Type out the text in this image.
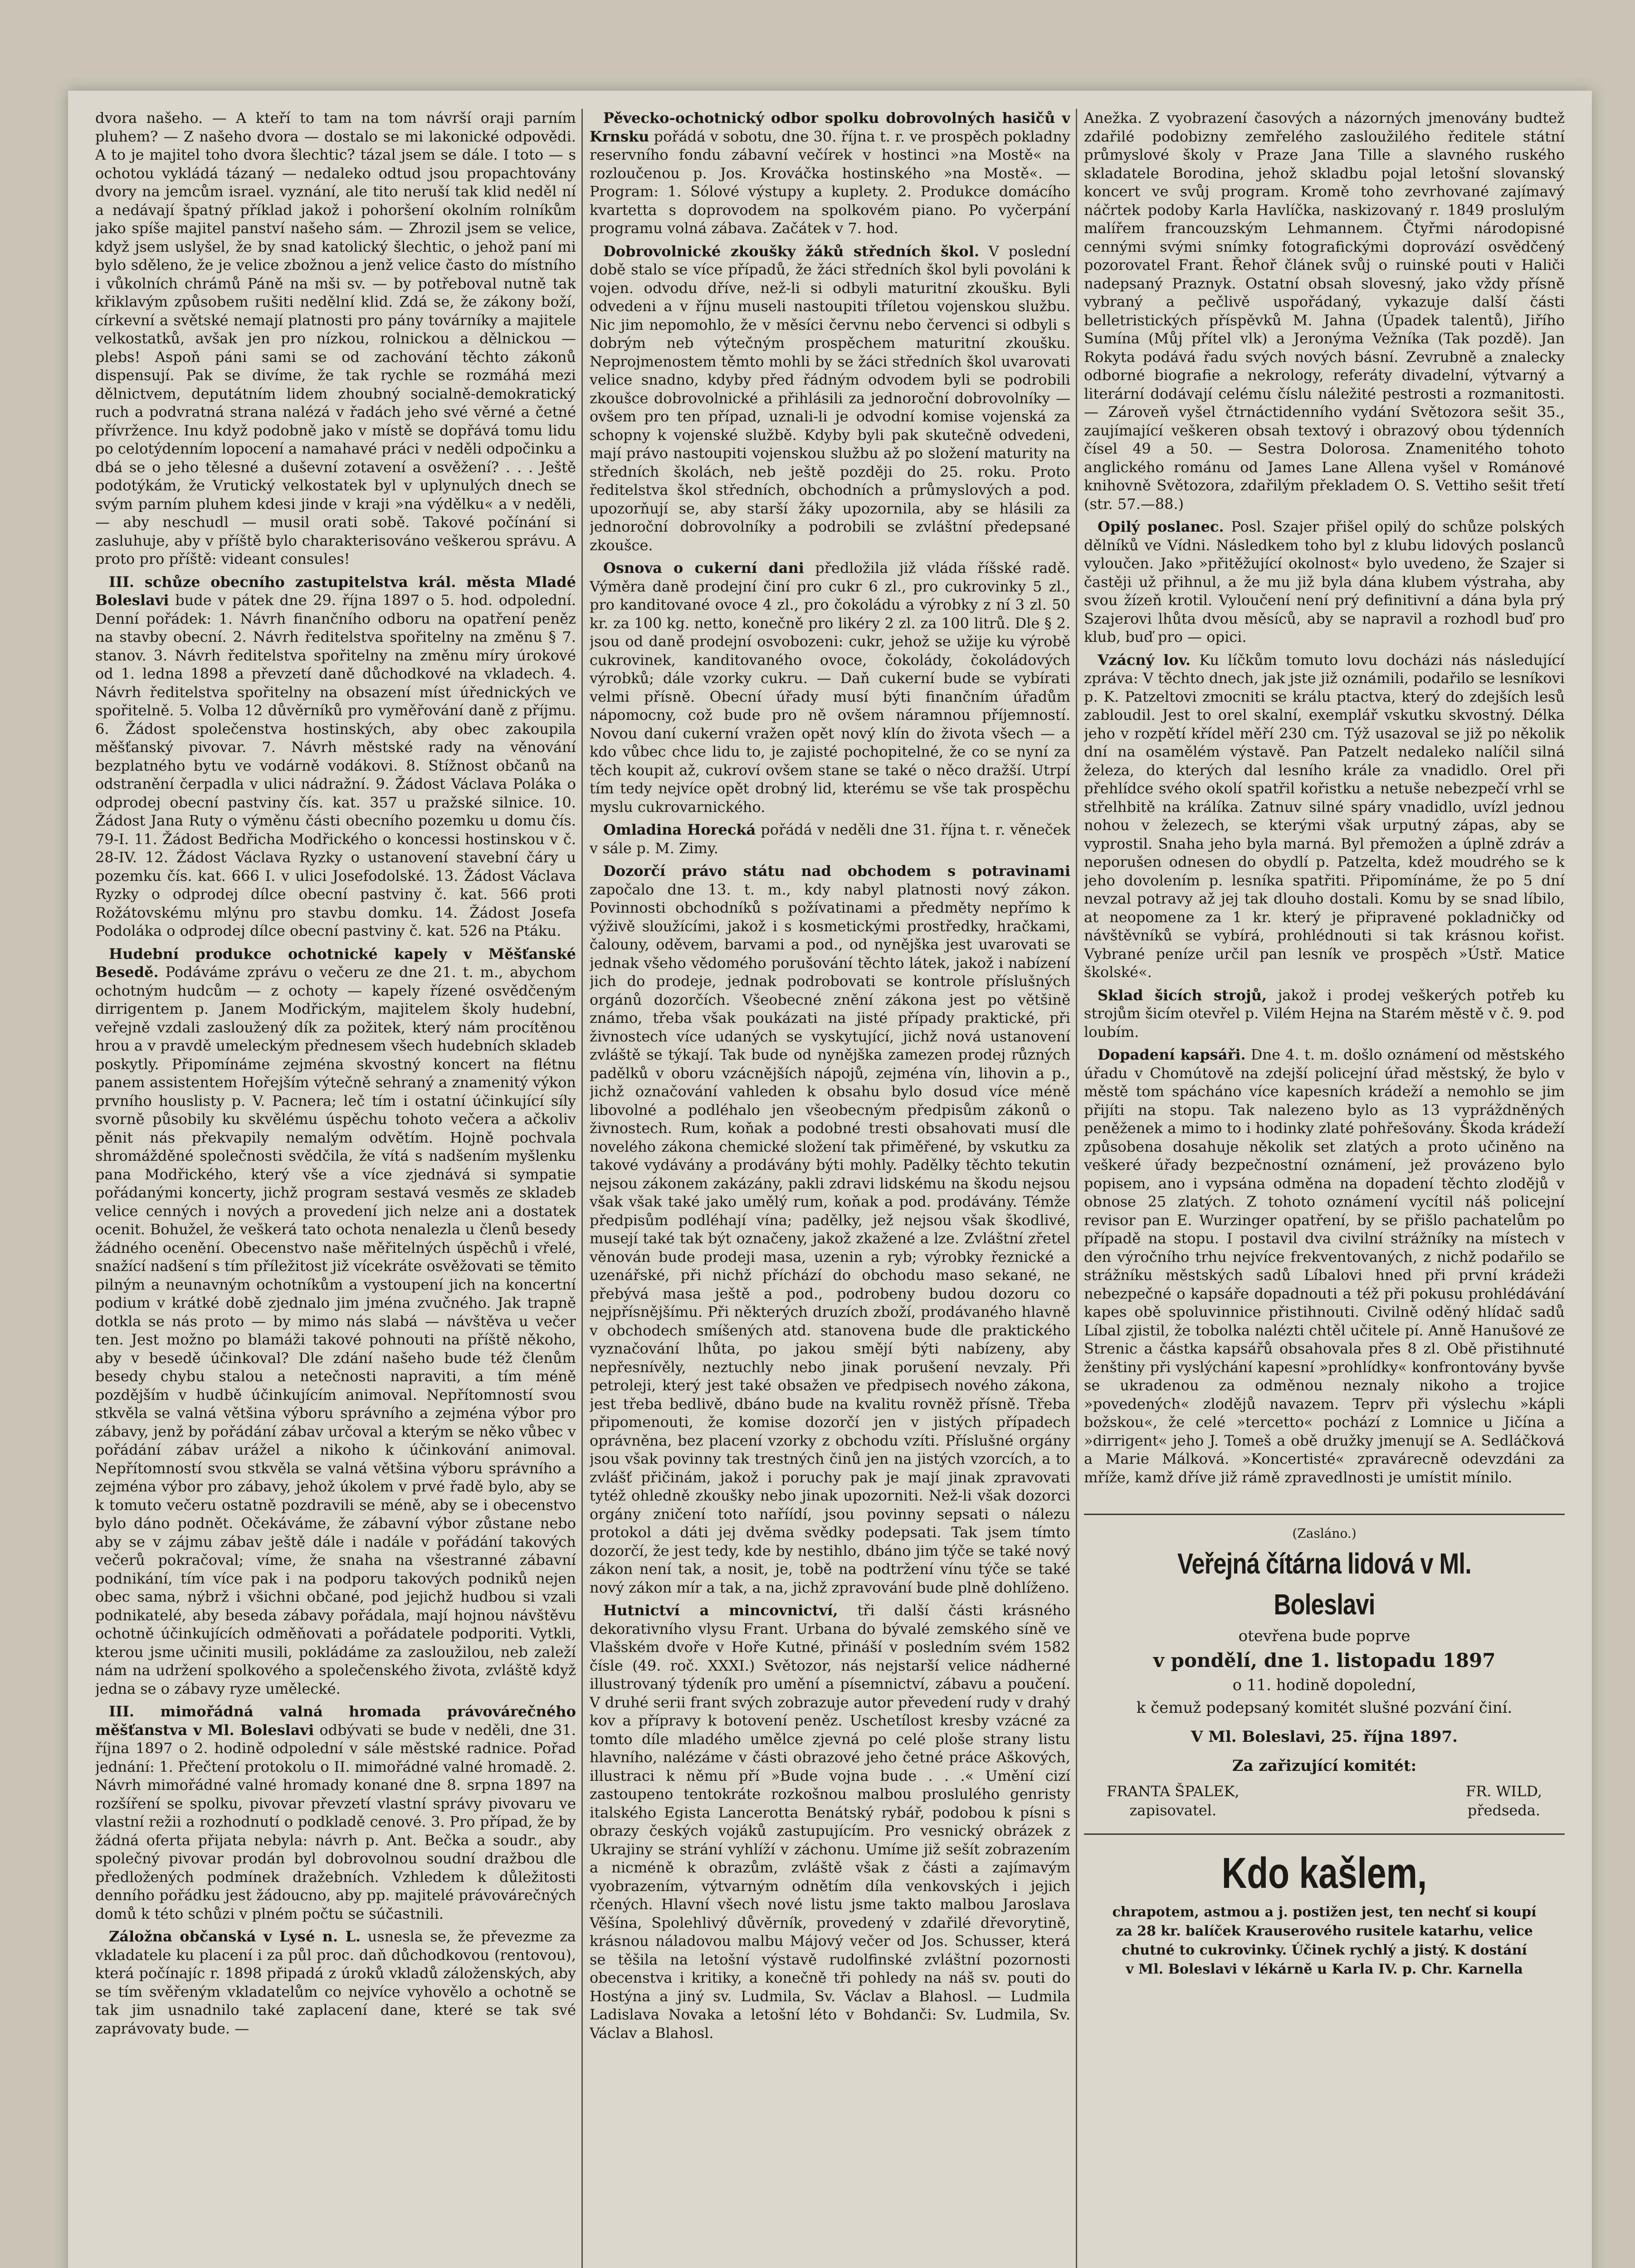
dvora našeho. — A kteří to tam na tom návrší oraji parním pluhem? — Z našeho dvora — dostalo se mi lakonické odpovědi. A to je majitel toho dvora šlechtic? tázal jsem se dále. I toto — s ochotou vykládá tázaný — nedaleko odtud jsou propachtovány dvory na jemcům israel. vyznání, ale tito neruší tak klid neděl ní a nedávají špatný příklad jakož i pohoršení okolním rolníkům jako spíše majitel panství našeho sám. — Zhrozil jsem se velice, když jsem uslyšel, že by snad katolický šlechtic, o jehož paní mi bylo sděleno, že je velice zbožnou a jenž velice často do místního i vůkolních chrámů Páně na mši sv. — by potřeboval nutně tak křiklavým způsobem rušiti nedělní klid. Zdá se, že zákony boží, církevní a světské nemají platnosti pro pány továrníky a majitele velkostatků, avšak jen pro nízkou, rolnickou a dělnickou — plebs! Aspoň páni sami se od zachování těchto zákonů dispensují. Pak se divíme, že tak rychle se rozmáhá mezi dělnictvem, deputátním lidem zhoubný socialně-demokratický ruch a podvratná strana nalézá v řadách jeho své věrné a četné přívržence. Inu když podobně jako v místě se dopřává tomu lidu po celotýdenním lopocení a namahavé práci v neděli odpočinku a dbá se o jeho tělesné a duševní zotavení a osvěžení? . . . Ještě podotýkám, že Vrutický velkostatek byl v uplynulých dnech se svým parním pluhem kdesi jinde v kraji »na výdělku« a v neděli, — aby neschudl — musil orati sobě. Takové počínání si zasluhuje, aby v příště bylo charakterisováno veškerou správu. A proto pro příště: videant consules!

III. schůze obecního zastupitelstva král. města Mladé Boleslavi bude v pátek dne 29. října 1897 o 5. hod. odpolední. Denní pořádek: 1. Návrh finančního odboru na opatření peněz na stavby obecní. 2. Návrh ředitelstva spořitelny na změnu § 7. stanov. 3. Návrh ředitelstva spořitelny na změnu míry úrokové od 1. ledna 1898 a převzetí daně důchodkové na vkladech. 4. Návrh ředitelstva spořitelny na obsazení míst úřednických ve spořitelně. 5. Volba 12 důvěrníků pro vyměřování daně z příjmu. 6. Žádost společenstva hostinských, aby obec zakoupila měšťanský pivovar. 7. Návrh městské rady na věnování bezplatného bytu ve vodárně vodákovi. 8. Stížnost občanů na odstranění čerpadla v ulici nádražní. 9. Žádost Václava Poláka o odprodej obecní pastviny čís. kat. 357 u pražské silnice. 10. Žádost Jana Ruty o výměnu části obecního pozemku u domu čís. 79-I. 11. Žádost Bedřicha Modřického o koncessi hostinskou v č. 28-IV. 12. Žádost Václava Ryzky o ustanovení stavební čáry u pozemku čís. kat. 666 I. v ulici Josefodolské. 13. Žádost Václava Ryzky o odprodej dílce obecní pastviny č. kat. 566 proti Rožátovskému mlýnu pro stavbu domku. 14. Žádost Josefa Podoláka o odprodej dílce obecní pastviny č. kat. 526 na Ptáku.

Hudební produkce ochotnické kapely v Měšťanské Besedě. Podáváme zprávu o večeru ze dne 21. t. m., abychom ochotným hudcům — z ochoty — kapely řízené osvědčeným dirrigentem p. Janem Modřickým, majitelem školy hudební, veřejně vzdali zasloužený dík za požitek, který nám procítěnou hrou a v pravdě umeleckým přednesem všech hudebních skladeb poskytly. Připomínáme zejména skvostný koncert na flétnu panem assistentem Hořejším výtečně sehraný a znamenitý výkon prvního houslisty p. V. Pacnera; leč tím i ostatní účinkující síly svorně působily ku skvělému úspěchu tohoto večera a ačkoliv pěnit nás překvapily nemalým odvětím. Hojně pochvala shromážděné společnosti svědčila, že vítá s nadšením myšlenku pana Modřického, který vše a více zjednává si sympatie pořádanými koncerty, jichž program sestavá vesměs ze skladeb velice cenných i nových a provedení jich nelze ani a dostatek ocenit. Bohužel, že veškerá tato ochota nenalezla u členů besedy žádného ocenění. Obecenstvo naše měřitelných úspěchů i vřelé, snažící nadšení s tím příležitost již vícekráte osvěžovati se těmito pilným a neunavným ochotníkům a vystoupení jich na koncertní podium v krátké době zjednalo jim jména zvučného. Jak trapně dotkla se nás proto — by mimo nás slabá — návštěva u večer ten. Jest možno po blamáži takové pohnouti na příště někoho, aby v besedě účinkoval? Dle zdání našeho bude též členům besedy chybu stalou a netečnosti napraviti, a tím méně pozdějším v hudbě účinkujícím animoval. Nepřítomností svou stkvěla se valná většina výboru správního a zejména výbor pro zábavy, jenž by pořádání zábav určoval a kterým se něko vůbec v pořádání zábav urážel a nikoho k účinkování animoval. Nepřítomností svou stkvěla se valná většina výboru správního a zejména výbor pro zábavy, jehož úkolem v prvé řadě bylo, aby se k tomuto večeru ostatně pozdravili se méně, aby se i obecenstvo bylo dáno podnět. Očekáváme, že zábavní výbor zůstane nebo aby se v zájmu zábav ještě dále i nadále v pořádání takových večerů pokračoval; víme, že snaha na všestranné zábavní podnikání, tím více pak i na podporu takových podniků nejen obec sama, nýbrž i všichni občané, pod jejichž hudbou si vzali podnikatelé, aby beseda zábavy pořádala, mají hojnou návštěvu ochotně účinkujících odměňovati a pořádatele podporiti. Vytkli, kterou jsme učiniti musili, pokládáme za zasloužilou, neb zaleží nám na udržení spolkového a společenského života, zvláště když jedna se o zábavy ryze umělecké.

III. mimořádná valná hromada právovárečného měšťanstva v Ml. Boleslavi odbývati se bude v neděli, dne 31. října 1897 o 2. hodině odpolední v sále městské radnice. Pořad jednání: 1. Přečtení protokolu o II. mimořádné valné hromadě. 2. Návrh mimořádné valné hromady konané dne 8. srpna 1897 na rozšíření se spolku, pivovar převzetí vlastní správy pivovaru ve vlastní režii a rozhodnutí o podkladě cenové. 3. Pro případ, že by žádná oferta přijata nebyla: návrh p. Ant. Bečka a soudr., aby společný pivovar prodán byl dobrovolnou soudní dražbou dle předložených podmínek dražebních. Vzhledem k důležitosti denního pořádku jest žádoucno, aby pp. majitelé právovárečných domů k této schůzi v plném počtu se súčastnili.

Záložna občanská v Lysé n. L. usnesla se, že převezme za vkladatele ku placení i za půl proc. daň důchodkovou (rentovou), která počínajíc r. 1898 připadá z úroků vkladů záloženských, aby se tím svěřeným vkladatelům co nejvíce vyhovělo a ochotně se tak jim usnadnilo také zaplacení dane, které se tak své zaprávovaty bude. —

Pěvecko-ochotnický odbor spolku dobrovolných hasičů v Krnsku pořádá v sobotu, dne 30. října t. r. ve prospěch pokladny reservního fondu zábavní večírek v hostinci »na Mostě« na rozloučenou p. Jos. Krováčka hostinského »na Mostě«. — Program: 1. Sólové výstupy a kuplety. 2. Produkce domácího kvartetta s doprovodem na spolkovém piano. Po vyčerpání programu volná zábava. Začátek v 7. hod.

Dobrovolnické zkoušky žáků středních škol. V poslední době stalo se více případů, že žáci středních škol byli povoláni k vojen. odvodu dříve, než-li si odbyli maturitní zkoušku. Byli odvedeni a v říjnu museli nastoupiti tříletou vojenskou službu. Nic jim nepomohlo, že v měsíci červnu nebo červenci si odbyli s dobrým neb výtečným prospěchem maturitní zkoušku. Neprojmenostem těmto mohli by se žáci středních škol uvarovati velice snadno, kdyby před řádným odvodem byli se podrobili zkoušce dobrovolnické a přihlásili za jednoroční dobrovolníky — ovšem pro ten případ, uznali-li je odvodní komise vojenská za schopny k vojenské službě. Kdyby byli pak skutečně odvedeni, mají právo nastoupiti vojenskou službu až po složení maturity na středních školách, neb ještě později do 25. roku. Proto ředitelstva škol středních, obchodních a průmyslových a pod. upozorňují se, aby starší žáky upozornila, aby se hlásili za jednoroční dobrovolníky a podrobili se zvláštní předepsané zkoušce.

Osnova o cukerní dani předložila již vláda říšské radě. Výměra daně prodejní činí pro cukr 6 zl., pro cukrovinky 5 zl., pro kanditované ovoce 4 zl., pro čokoládu a výrobky z ní 3 zl. 50 kr. za 100 kg. netto, konečně pro likéry 2 zl. za 100 litrů. Dle § 2. jsou od daně prodejní osvobozeni: cukr, jehož se užije ku výrobě cukrovinek, kanditovaného ovoce, čokolády, čokoládových výrobků; dále vzorky cukru. — Daň cukerní bude se vybírati velmi přísně. Obecní úřady musí býti finančním úřadům nápomocny, což bude pro ně ovšem náramnou příjemností. Novou daní cukerní vražen opět nový klín do života všech — a kdo vůbec chce lidu to, je zajisté pochopitelné, že co se nyní za těch koupit až, cukroví ovšem stane se také o něco dražší. Utrpí tím tedy nejvíce opět drobný lid, kterému se vše tak prospěchu myslu cukrovarnického.

Omladina Horecká pořádá v neděli dne 31. října t. r. věneček v sále p. M. Zimy.

Dozorčí právo státu nad obchodem s potravinami započalo dne 13. t. m., kdy nabyl platnosti nový zákon. Povinnosti obchodníků s požívatinami a předměty nepřímo k výživě sloužícími, jakož i s kosmetickými prostředky, hračkami, čalouny, oděvem, barvami a pod., od nynějška jest uvarovati se jednak všeho vědomého porušování těchto látek, jakož i nabízení jich do prodeje, jednak podrobovati se kontrole příslušných orgánů dozorčích. Všeobecné znění zákona jest po většině známo, třeba však poukázati na jisté případy praktické, při živnostech více udaných se vyskytující, jichž nová ustanovení zvláště se týkají. Tak bude od nynějška zamezen prodej různých padělků v oboru vzácnějších nápojů, zejména vín, lihovin a p., jichž označování vahleden k obsahu bylo dosud více méně libovolné a podléhalo jen všeobecným předpisům zákonů o živnostech. Rum, koňak a podobné tresti obsahovati musí dle novelého zákona chemické složení tak přiměřené, by vskutku za takové vydávány a prodávány býti mohly. Padělky těchto tekutin nejsou zákonem zakázány, pakli zdravi lidskému na škodu nejsou však však také jako umělý rum, koňak a pod. prodávány. Témže předpisům podléhají vína; padělky, jež nejsou však škodlivé, musejí také tak být označeny, jakož zkažené a lze. Zvláštní zřetel věnován bude prodeji masa, uzenin a ryb; výrobky řeznické a uzenářské, při nichž příchází do obchodu maso sekané, ne přebývá masa ještě a pod., podrobeny budou dozoru co nejpřísnějšímu. Při některých druzích zboží, prodávaného hlavně v obchodech smíšených atd. stanovena bude dle praktického vyznačování lhůta, po jakou smějí býti nabízeny, aby nepřesnívěly, neztuchly nebo jinak porušení nevzaly. Při petroleji, který jest také obsažen ve předpisech nového zákona, jest třeba bedlivě, dbáno bude na kvalitu rovněž přísně. Třeba připomenouti, že komise dozorčí jen v jistých případech oprávněna, bez placení vzorky z obchodu vzíti. Příslušné orgány jsou však povinny tak trestných činů jen na jistých vzorcích, a to zvlášť přičinám, jakož i poruchy pak je mají jinak zpravovati tytéž ohledně zkoušky nebo jinak upozorniti. Než-li však dozorci orgány zničení toto naříídí, jsou povinny sepsati o nálezu protokol a dáti jej dvěma svědky podepsati. Tak jsem tímto dozorčí, že jest tedy, kde by nestihlo, dbáno jim týče se také nový zákon není tak, a nosit, je, tobě na podtržení vínu týče se také nový zákon mír a tak, a na, jichž zpravování bude plně dohlíženo.

Hutnictví a mincovnictví, tři další části krásného dekorativního vlysu Frant. Urbana do bývalé zemského síně ve Vlašském dvoře v Hoře Kutné, přináší v posledním svém 1582 čísle (49. roč. XXXI.) Světozor, nás nejstarší velice nádherné illustrovaný týdeník pro umění a písemnictví, zábavu a poučení. V druhé serii frant svých zobrazuje autor převedení rudy v drahý kov a přípravy k botovení peněz. Uschetílost kresby vzácné za tomto díle mladého umělce zjevná po celé ploše strany listu hlavního, nalézáme v části obrazové jeho četné práce Aškových, illustraci k němu pří »Bude vojna bude . . .« Umění cizí zastoupeno tentokráte rozkošnou malbou proslulého genristy italského Egista Lancerotta Benátský rybář, podobou k písni s obrazy českých vojáků zastupujícím. Pro vesnický obrázek z Ukrajiny se strání vyhlíží v záchonu. Umíme již sešít zobrazením a nicméně k obrazům, zvláště však z části a zajímavým vyobrazením, výtvarným odnětím díla venkovských i jejich rčených. Hlavní všech nové listu jsme takto malbou Jaroslava Věšína, Spolehlivý důvěrník, provedený v zdařilé dřevorytině, krásnou náladovou malbu Májový večer od Jos. Schusser, která se těšila na letošní výstavě rudolfinské zvláštní pozornosti obecenstva i kritiky, a konečně tři pohledy na náš sv. pouti do Hostýna a jiný sv. Ludmila, Sv. Václav a Blahosl. — Ludmila Ladislava Novaka a letošní léto v Bohdanči: Sv. Ludmila, Sv. Václav a Blahosl.

Anežka. Z vyobrazení časových a názorných jmenovány budtež zdařilé podobizny zemřelého zasloužilého ředitele státní průmyslové školy v Praze Jana Tille a slavného ruského skladatele Borodina, jehož skladbu pojal letošní slovanský koncert ve svůj program. Kromě toho zevrhované zajímavý náčrtek podoby Karla Havlíčka, naskizovaný r. 1849 proslulým malířem francouzským Lehmannem. Čtyřmi národopisné cennými svými snímky fotografickými doprovází osvědčený pozorovatel Frant. Řehoř článek svůj o ruinské pouti v Haliči nadepsaný Praznyk. Ostatní obsah slovesný, jako vždy přísně vybraný a pečlivě uspořádaný, vykazuje další části belletristických příspěvků M. Jahna (Úpadek talentů), Jiřího Sumína (Můj přítel vlk) a Jeronýma Vežníka (Tak pozdě). Jan Rokyta podává řadu svých nových básní. Zevrubně a znalecky odborné biografie a nekrology, referáty divadelní, výtvarný a literární dodávají celému číslu náležité pestrosti a rozmanitosti. — Zároveň vyšel čtrnáctidenního vydání Světozora sešit 35., zaujímající veškeren obsah textový i obrazový obou týdenních čísel 49 a 50. — Sestra Dolorosa. Znamenitého tohoto anglického románu od James Lane Allena vyšel v Románové knihovně Světozora, zdařilým překladem O. S. Vettiho sešit třetí (str. 57.—88.)

Opilý poslanec. Posl. Szajer přišel opilý do schůze polských dělníků ve Vídni. Následkem toho byl z klubu lidových poslanců vyloučen. Jako »přitěžující okolnost« bylo uvedeno, že Szajer si častěji už přihnul, a že mu již byla dána klubem výstraha, aby svou žízeň krotil. Vyloučení není prý definitivní a dána byla prý Szajerovi lhůta dvou měsíců, aby se napravil a rozhodl buď pro klub, buď pro — opici.

Vzácný lov. Ku líčkům tomuto lovu docházi nás následující zpráva: V těchto dnech, jak jste již oznámili, podařilo se lesníkovi p. K. Patzeltovi zmocniti se králu ptactva, který do zdejších lesů zabloudil. Jest to orel skalní, exemplář vskutku skvostný. Délka jeho v rozpětí křídel měří 230 cm. Týž usazoval se již po několik dní na osamělém výstavě. Pan Patzelt nedaleko nalíčil silná železa, do kterých dal lesního krále za vnadidlo. Orel při přehlídce svého okolí spatřil kořistku a netuše nebezpečí vrhl se střelhbitě na králíka. Zatnuv silné spáry vnadidlo, uvízl jednou nohou v železech, se kterými však urputný zápas, aby se vyprostil. Snaha jeho byla marná. Byl přemožen a úplně zdráv a neporušen odnesen do obydlí p. Patzelta, kdež moudrého se k jeho dovolením p. lesníka spatřiti. Připomínáme, že po 5 dní nevzal potravy až jej tak dlouho dostali. Komu by se snad líbilo, at neopomene za 1 kr. který je připravené pokladničky od návštěvníků se vybírá, prohlédnouti si tak krásnou kořist. Vybrané peníze určil pan lesník ve prospěch »Ústř. Matice školské«.

Sklad šicích strojů, jakož i prodej veškerých potřeb ku strojům šicím otevřel p. Vilém Hejna na Starém městě v č. 9. pod loubím.

Dopadení kapsáři. Dne 4. t. m. došlo oznámení od městského úřadu v Chomútově na zdejší policejní úřad městský, že bylo v městě tom spácháno více kapesních krádeží a nemohlo se jim přijíti na stopu. Tak nalezeno bylo as 13 vypráždněných peněženek a mimo to i hodinky zlaté pohřešovány. Škoda krádeží způsobena dosahuje několik set zlatých a proto učiněno na veškeré úřady bezpečnostní oznámení, jež provázeno bylo popisem, ano i vypsána odměna na dopadení těchto zlodějů v obnose 25 zlatých. Z tohoto oznámení vycítil náš policejní revisor pan E. Wurzinger opatření, by se přišlo pachatelům po případě na stopu. I postavil dva civilní strážníky na místech v den výročního trhu nejvíce frekventovaných, z nichž podařilo se strážníku městských sadů Líbalovi hned při první krádeži nebezpečné o kapsáře dopadnouti a též při pokusu prohlédávání kapes obě spoluvinnice přistihnouti. Civilně oděný hlídač sadů Líbal zjistil, že tobolka nalézti chtěl učitele pí. Anně Hanušové ze Strenic a částka kapsářů obsahovala přes 8 zl. Obě přistihnuté ženštiny při vyslýchání kapesní »prohlídky« konfrontovány byvše se ukradenou za odměnou neznaly nikoho a trojice »povedených« zlodějů navazem. Teprv při výslechu »kápli božskou«, že celé »tercetto« pochází z Lomnice u Jičína a »dirrigent« jeho J. Tomeš a obě družky jmenují se A. Sedláčková a Marie Málková. »Koncertisté« zpravárecně odevzdáni za mříže, kamž dříve již rámě zpravedlnosti je umístit mínilo.

(Zasláno.)
Veřejná čítárna lidová v Ml. Boleslavi
otevřena bude poprve
v pondělí, dne 1. listopadu 1897
o 11. hodině dopolední,
k čemuž podepsaný komitét slušné pozvání činí.
V Ml. Boleslavi, 25. října 1897.
Za zařizující komitét:
FRANTA ŠPALEK,
zapisovatel.
FR. WILD,
předseda.
Kdo kašlem,
chrapotem, astmou a j. postižen jest, ten nechť si koupí
za 28 kr. balíček Krauserového rusitele katarhu, velice
chutné to cukrovinky. Účinek rychlý a jistý. K dostání
v Ml. Boleslavi v lékárně u Karla IV. p. Chr. Karnella
